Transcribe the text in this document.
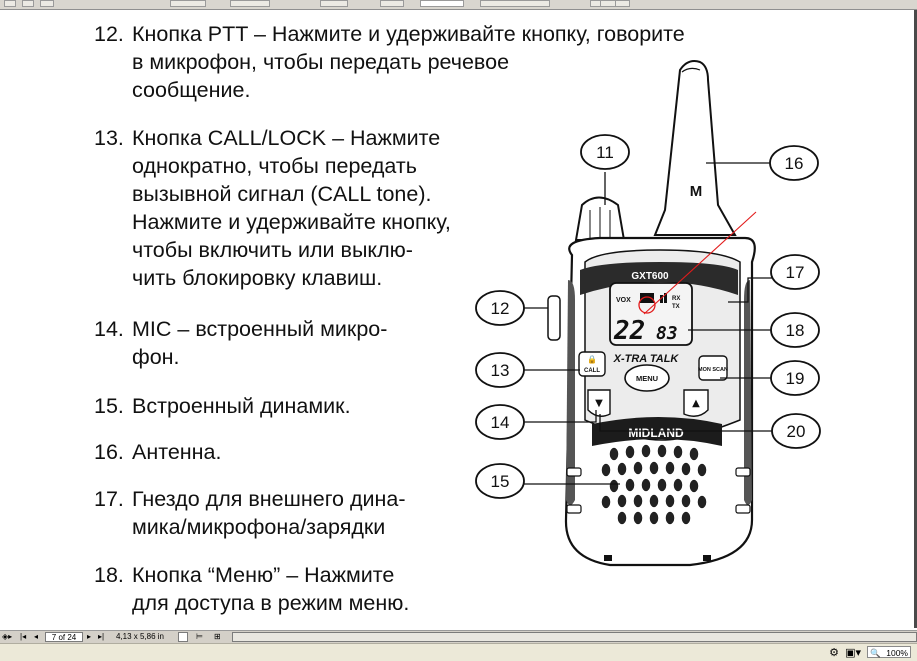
12. Кнопка PTT – Нажмите и удерживайте кнопку, говорите
в микрофон, чтобы передать речевое
сообщение.
13. Кнопка CALL/LOCK – Нажмите
однократно, чтобы передать
вызывной сигнал (CALL tone).
Нажмите и удерживайте кнопку,
чтобы включить или выклю-
чить блокировку клавиш.
14. MIC – встроенный микро-
фон.
15. Встроенный динамик.
16. Антенна.
17. Гнездо для внешнего дина-
мика/микрофона/зарядки
18. Кнопка “Меню” – Нажмите
для доступа в режим меню.
M
GXT600
VOX	RX
TX
22 83
X-TRA TALK
CALL
🔒
MON SCAN
MENU
▼	▲
MIDLAND
11
12
13
14
15
16
17
18
19
20
◈▸ |◂ ◂	7 of 24	▸ ▸|	4,13 x 5,86 in	⊨	⊞
⚙ ▣▾ 🔍 100%
